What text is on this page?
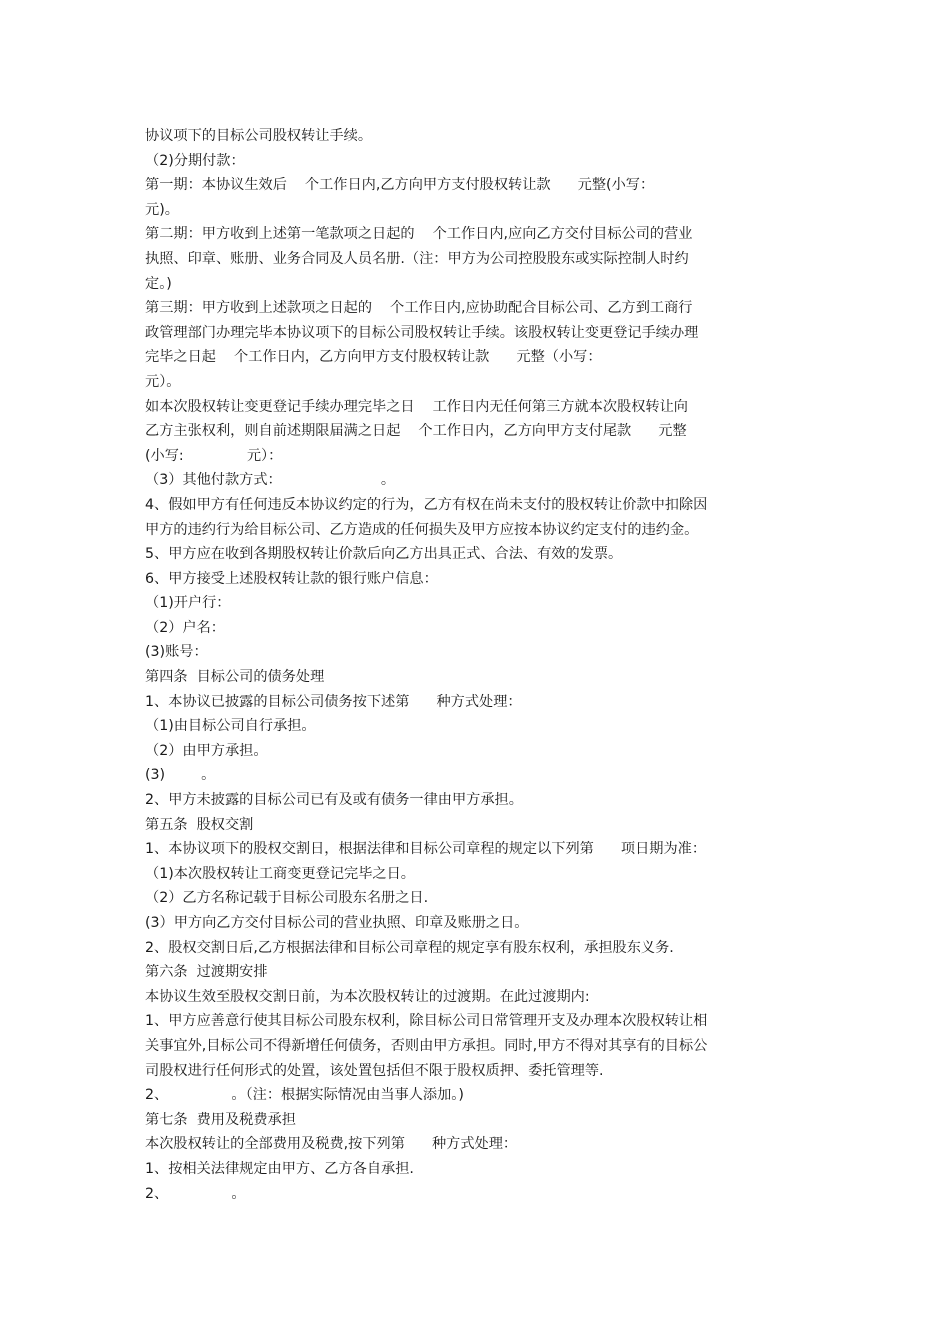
协议项下的目标公司股权转让手续。
（2)分期付款：
第一期：本协议生效后    个工作日内,乙方向甲方支付股权转让款      元整(小写：
元)。
第二期：甲方收到上述第一笔款项之日起的    个工作日内,应向乙方交付目标公司的营业
执照、印章、账册、业务合同及人员名册.（注：甲方为公司控股股东或实际控制人时约
定。)
第三期：甲方收到上述款项之日起的    个工作日内,应协助配合目标公司、乙方到工商行
政管理部门办理完毕本协议项下的目标公司股权转让手续。该股权转让变更登记手续办理
完毕之日起    个工作日内，乙方向甲方支付股权转让款      元整（小写：
元）。
如本次股权转让变更登记手续办理完毕之日    工作日内无任何第三方就本次股权转让向
乙方主张权利，则自前述期限届满之日起    个工作日内，乙方向甲方支付尾款      元整
(小写:              元）：
（3）其他付款方式：                      。
4、假如甲方有任何违反本协议约定的行为，乙方有权在尚未支付的股权转让价款中扣除因
甲方的违约行为给目标公司、乙方造成的任何损失及甲方应按本协议约定支付的违约金。
5、甲方应在收到各期股权转让价款后向乙方出具正式、合法、有效的发票。
6、甲方接受上述股权转让款的银行账户信息：
（1)开户行：
（2）户名：
(3)账号：
第四条  目标公司的债务处理
1、本协议已披露的目标公司债务按下述第      种方式处理：
（1)由目标公司自行承担。
（2）由甲方承担。
(3)        。
2、甲方未披露的目标公司已有及或有债务一律由甲方承担。
第五条  股权交割
1、本协议项下的股权交割日，根据法律和目标公司章程的规定以下列第      项日期为准：
（1)本次股权转让工商变更登记完毕之日。
（2）乙方名称记载于目标公司股东名册之日.
(3）甲方向乙方交付目标公司的营业执照、印章及账册之日。
2、股权交割日后,乙方根据法律和目标公司章程的规定享有股东权利，承担股东义务.
第六条  过渡期安排
本协议生效至股权交割日前，为本次股权转让的过渡期。在此过渡期内:
1、甲方应善意行使其目标公司股东权利，除目标公司日常管理开支及办理本次股权转让相
关事宜外,目标公司不得新增任何债务，否则由甲方承担。同时,甲方不得对其享有的目标公
司股权进行任何形式的处置，该处置包括但不限于股权质押、委托管理等.
2、              。（注：根据实际情况由当事人添加。)
第七条  费用及税费承担
本次股权转让的全部费用及税费,按下列第      种方式处理：
1、按相关法律规定由甲方、乙方各自承担.
2、              。
